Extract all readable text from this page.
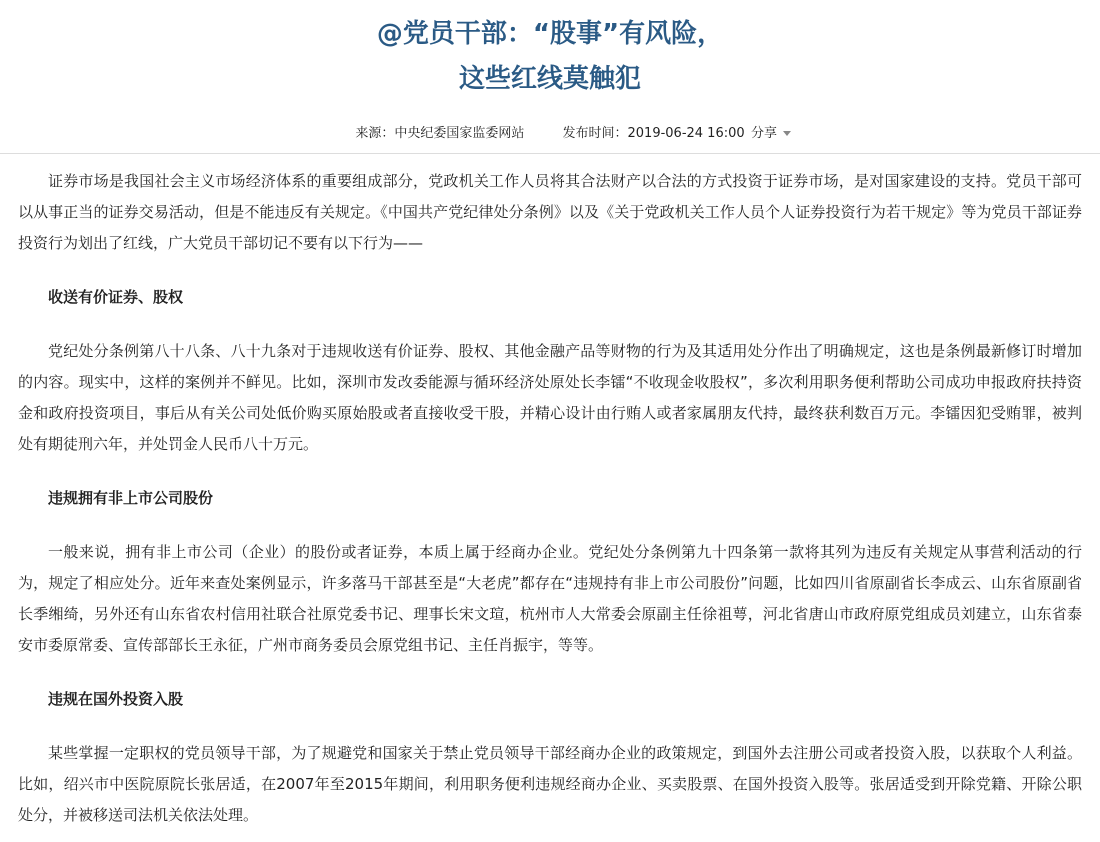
@党员干部：“股事”有风险，
这些红线莫触犯
来源：中央纪委国家监委网站	发布时间：2019-06-24 16:00 分享

证券市场是我国社会主义市场经济体系的重要组成部分，党政机关工作人员将其合法财产以合法的方式投资于证券市场，是对国家建设的支持。党员干部可以从事正当的证券交易活动，但是不能违反有关规定。《中国共产党纪律处分条例》以及《关于党政机关工作人员个人证券投资行为若干规定》等为党员干部证券投资行为划出了红线，广大党员干部切记不要有以下行为——

收送有价证券、股权

党纪处分条例第八十八条、八十九条对于违规收送有价证券、股权、其他金融产品等财物的行为及其适用处分作出了明确规定，这也是条例最新修订时增加的内容。现实中，这样的案例并不鲜见。比如，深圳市发改委能源与循环经济处原处长李镭“不收现金收股权”，多次利用职务便利帮助公司成功申报政府扶持资金和政府投资项目，事后从有关公司处低价购买原始股或者直接收受干股，并精心设计由行贿人或者家属朋友代持，最终获利数百万元。李镭因犯受贿罪，被判处有期徒刑六年，并处罚金人民币八十万元。

违规拥有非上市公司股份

一般来说，拥有非上市公司（企业）的股份或者证券，本质上属于经商办企业。党纪处分条例第九十四条第一款将其列为违反有关规定从事营利活动的行为，规定了相应处分。近年来查处案例显示，许多落马干部甚至是“大老虎”都存在“违规持有非上市公司股份”问题，比如四川省原副省长李成云、山东省原副省长季缃绮，另外还有山东省农村信用社联合社原党委书记、理事长宋文瑄，杭州市人大常委会原副主任徐祖萼，河北省唐山市政府原党组成员刘建立，山东省泰安市委原常委、宣传部部长王永征，广州市商务委员会原党组书记、主任肖振宇，等等。

违规在国外投资入股

某些掌握一定职权的党员领导干部，为了规避党和国家关于禁止党员领导干部经商办企业的政策规定，到国外去注册公司或者投资入股，以获取个人利益。比如，绍兴市中医院原院长张居适，在2007年至2015年期间，利用职务便利违规经商办企业、买卖股票、在国外投资入股等。张居适受到开除党籍、开除公职处分，并被移送司法机关依法处理。
